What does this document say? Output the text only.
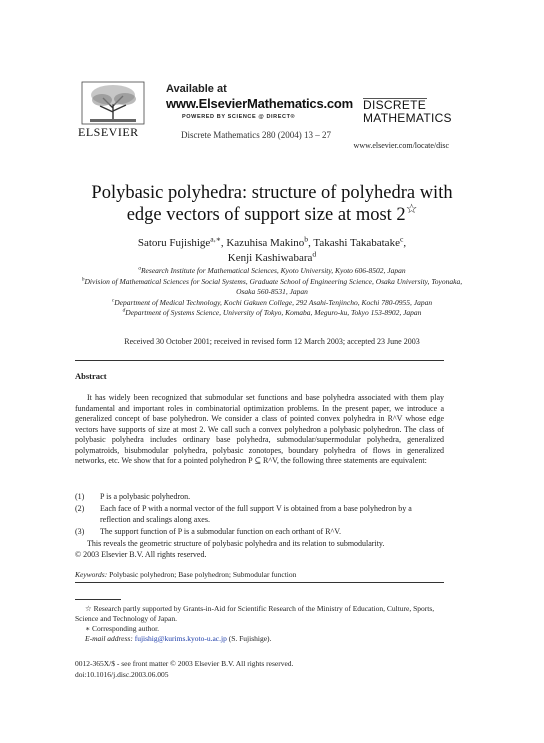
ELSEVIER
Available at
www.ElsevierMathematics.com
POWERED BY SCIENCE @ DIRECT®
Discrete Mathematics 280 (2004) 13 – 27
DISCRETE
MATHEMATICS
www.elsevier.com/locate/disc
Polybasic polyhedra: structure of polyhedra with
edge vectors of support size at most 2☆
Satoru Fujishige$^{a,∗}$, Kazuhisa Makino$^b$, Takashi Takabatake$^c$,
Kenji Kashiwabara$^d$
$^a$Research Institute for Mathematical Sciences, Kyoto University, Kyoto 606-8502, Japan
$^b$Division of Mathematical Sciences for Social Systems, Graduate School of Engineering Science, Osaka University, Toyonaka, Osaka 560-8531, Japan
$^c$Department of Medical Technology, Kochi Gakuen College, 292 Asahi-Tenjincho, Kochi 780-0955, Japan
$^d$Department of Systems Science, University of Tokyo, Komaba, Meguro-ku, Tokyo 153-8902, Japan
Received 30 October 2001; received in revised form 12 March 2003; accepted 23 June 2003
Abstract

It has widely been recognized that submodular set functions and base polyhedra associated with them play fundamental and important roles in combinatorial optimization problems. In the present paper, we introduce a generalized concept of base polyhedron. We consider a class of pointed convex polyhedra in R^V whose edge vectors have supports of size at most 2. We call such a convex polyhedron a polybasic polyhedron. The class of polybasic polyhedra includes ordinary base polyhedra, submodular/supermodular polyhedra, generalized polymatroids, bisubmodular polyhedra, polybasic zonotopes, boundary polyhedra of flows in generalized networks, etc. We show that for a pointed polyhedron P ⊆ R^V, the following three statements are equivalent:

(1) P is a polybasic polyhedron.
(2) Each face of P with a normal vector of the full support V is obtained from a base polyhedron by a reflection and scalings along axes.
(3) The support function of P is a submodular function on each orthant of R^V.
This reveals the geometric structure of polybasic polyhedra and its relation to submodularity.
© 2003 Elsevier B.V. All rights reserved.
Keywords: Polybasic polyhedron; Base polyhedron; Submodular function
☆ Research partly supported by Grants-in-Aid for Scientific Research of the Ministry of Education, Culture, Sports, Science and Technology of Japan.
∗ Corresponding author.
E-mail address: fujishig@kurims.kyoto-u.ac.jp (S. Fujishige).
0012-365X/$ - see front matter © 2003 Elsevier B.V. All rights reserved.
doi:10.1016/j.disc.2003.06.005
